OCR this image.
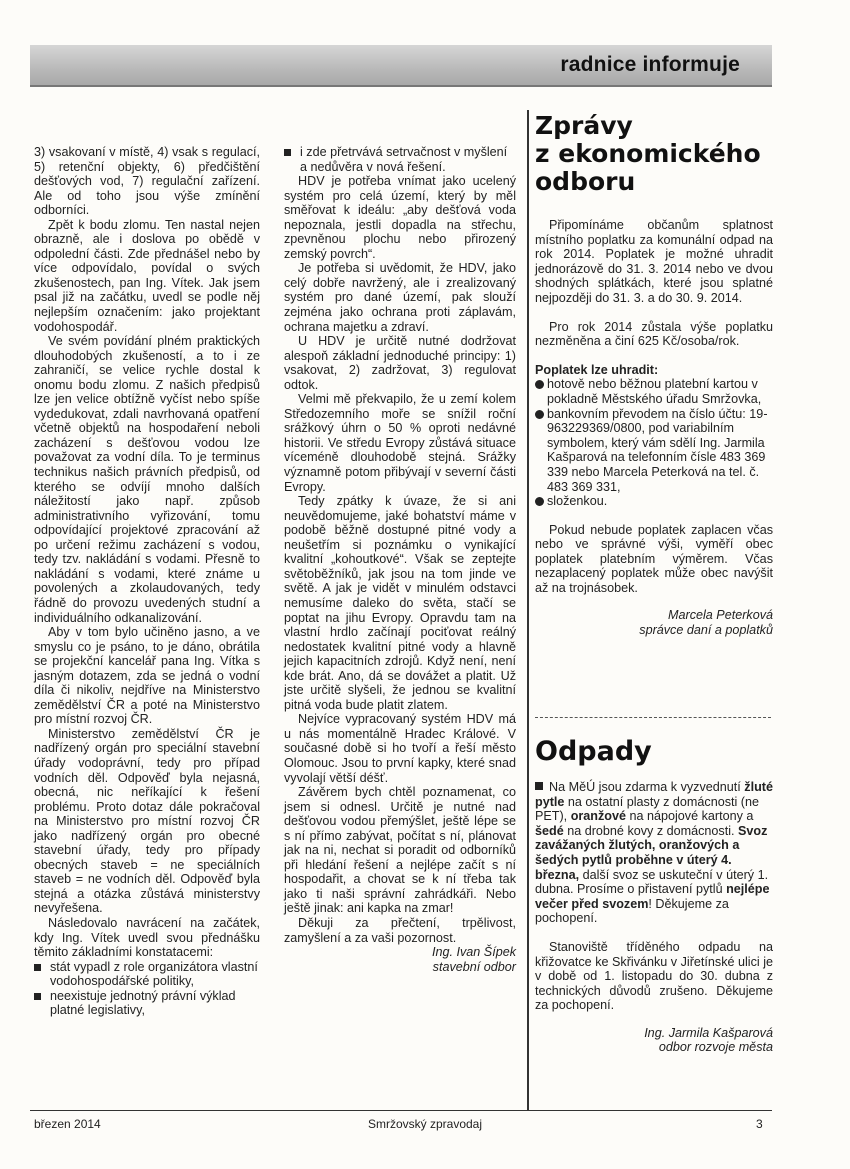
radnice informuje

3) vsakovaní v místě, 4) vsak s regulací, 5) retenční objekty, 6) předčištění dešťových vod, 7) regulační zařízení. Ale od toho jsou výše zmínění odborníci.

Zpět k bodu zlomu. Ten nastal nejen obrazně, ale i doslova po obědě v odpolední části. Zde přednášel nebo by více odpovídalo, povídal o svých zkušenostech, pan Ing. Vítek. Jak jsem psal již na začátku, uvedl se podle něj nejlepším označením: jako projektant vodohospodář.

Ve svém povídání plném praktických dlouhodobých zkušeností, a to i ze zahraničí, se velice rychle dostal k onomu bodu zlomu. Z našich předpisů lze jen velice obtížně vyčíst nebo spíše vydedukovat, zdali navrhovaná opatření včetně objektů na hospodaření neboli zacházení s dešťovou vodou lze považovat za vodní díla. To je terminus technikus našich právních předpisů, od kterého se odvíjí mnoho dalších náležitostí jako např. způsob administrativního vyřizování, tomu odpovídající projektové zpracování až po určení režimu zacházení s vodou, tedy tzv. nakládání s vodami. Přesně to nakládání s vodami, které známe u povolených a zkolaudovaných, tedy řádně do provozu uvedených studní a individuálního odkanalizování.

Aby v tom bylo učiněno jasno, a ve smyslu co je psáno, to je dáno, obrátila se projekční kancelář pana Ing. Vítka s jasným dotazem, zda se jedná o vodní díla či nikoliv, nejdříve na Ministerstvo zemědělství ČR a poté na Ministerstvo pro místní rozvoj ČR.

Ministerstvo zemědělství ČR je nadřízený orgán pro speciální stavební úřady vodoprávní, tedy pro případ vodních děl. Odpověď byla nejasná, obecná, nic neříkající k řešení problému. Proto dotaz dále pokračoval na Ministerstvo pro místní rozvoj ČR jako nadřízený orgán pro obecné stavební úřady, tedy pro případy obecných staveb = ne speciálních staveb = ne vodních děl. Odpověď byla stejná a otázka zůstává ministerstvy nevyřešena.

Následovalo navrácení na začátek, kdy Ing. Vítek uvedl svou přednášku těmito základními konstatacemi:

stát vypadl z role organizátora vlastní vodohospodářské politiky,
neexistuje jednotný právní výklad platné legislativy,
i zde přetrvává setrvačnost v myšlení a nedůvěra v nová řešení.

HDV je potřeba vnímat jako ucelený systém pro celá území, který by měl směřovat k ideálu: „aby dešťová voda nepoznala, jestli dopadla na střechu, zpevněnou plochu nebo přirozený zemský povrch“.

Je potřeba si uvědomit, že HDV, jako celý dobře navržený, ale i zrealizovaný systém pro dané území, pak slouží zejména jako ochrana proti záplavám, ochrana majetku a zdraví.

U HDV je určitě nutné dodržovat alespoň základní jednoduché principy: 1) vsakovat, 2) zadržovat, 3) regulovat odtok.

Velmi mě překvapilo, že u zemí kolem Středozemního moře se snížil roční srážkový úhrn o 50 % oproti nedávné historii. Ve středu Evropy zůstává situace víceméně dlouhodobě stejná. Srážky významně potom přibývají v severní části Evropy.

Tedy zpátky k úvaze, že si ani neuvědomujeme, jaké bohatství máme v podobě běžně dostupné pitné vody a neušetřím si poznámku o vynikající kvalitní „kohoutkové“. Však se zeptejte světoběžníků, jak jsou na tom jinde ve světě. A jak je vidět v minulém odstavci nemusíme daleko do světa, stačí se poptat na jihu Evropy. Opravdu tam na vlastní hrdlo začínají pociťovat reálný nedostatek kvalitní pitné vody a hlavně jejich kapacitních zdrojů. Když není, není kde brát. Ano, dá se dovážet a platit. Už jste určitě slyšeli, že jednou se kvalitní pitná voda bude platit zlatem.

Nejvíce vypracovaný systém HDV má u nás momentálně Hradec Králové. V současné době si ho tvoří a řeší město Olomouc. Jsou to první kapky, které snad vyvolají větší déšť.

Závěrem bych chtěl poznamenat, co jsem si odnesl. Určitě je nutné nad dešťovou vodou přemýšlet, ještě lépe se s ní přímo zabývat, počítat s ní, plánovat jak na ni, nechat si poradit od odborníků při hledání řešení a nejlépe začít s ní hospodařit, a chovat se k ní třeba tak jako ti naši správní zahrádkáři. Nebo ještě jinak: ani kapka na zmar!

Děkuji za přečtení, trpělivost, zamyšlení a za vaši pozornost.

Ing. Ivan Šípek
stavební odbor
Zprávy
z ekonomického
odboru

Připomínáme občanům splatnost místního poplatku za komunální odpad na rok 2014. Poplatek je možné uhradit jednorázově do 31. 3. 2014 nebo ve dvou shodných splátkách, které jsou splatné nejpozději do 31. 3. a do 30. 9. 2014.

Pro rok 2014 zůstala výše poplatku nezměněna a činí 625 Kč/osoba/rok.

Poplatek lze uhradit:
hotově nebo běžnou platební kartou v pokladně Městského úřadu Smržovka,
bankovním převodem na číslo účtu: 19-963229369/0800, pod variabilním symbolem, který vám sdělí Ing. Jarmila Kašparová na telefonním čísle 483 369 339 nebo Marcela Peterková na tel. č. 483 369 331,
složenkou.

Pokud nebude poplatek zaplacen včas nebo ve správné výši, vyměří obec poplatek platebním výměrem. Včas nezaplacený poplatek může obec navýšit až na trojnásobek.

Marcela Peterková
správce daní a poplatků
Odpady
Na MěÚ jsou zdarma k vyzvednutí žluté pytle na ostatní plasty z domácnosti (ne PET), oranžové na nápojové kartony a šedé na drobné kovy z domácnosti. Svoz zavážaných žlutých, oranžových a šedých pytlů proběhne v úterý 4. března, další svoz se uskuteční v úterý 1. dubna. Prosíme o přistavení pytlů nejlépe večer před svozem! Děkujeme za pochopení.

Stanoviště tříděného odpadu na křižovatce ke Skřivánku v Jiřetínské ulici je v době od 1. listopadu do 30. dubna z technických důvodů zrušeno. Děkujeme za pochopení.

Ing. Jarmila Kašparová
odbor rozvoje města
Smržovský zpravodaj
březen 2014	3
